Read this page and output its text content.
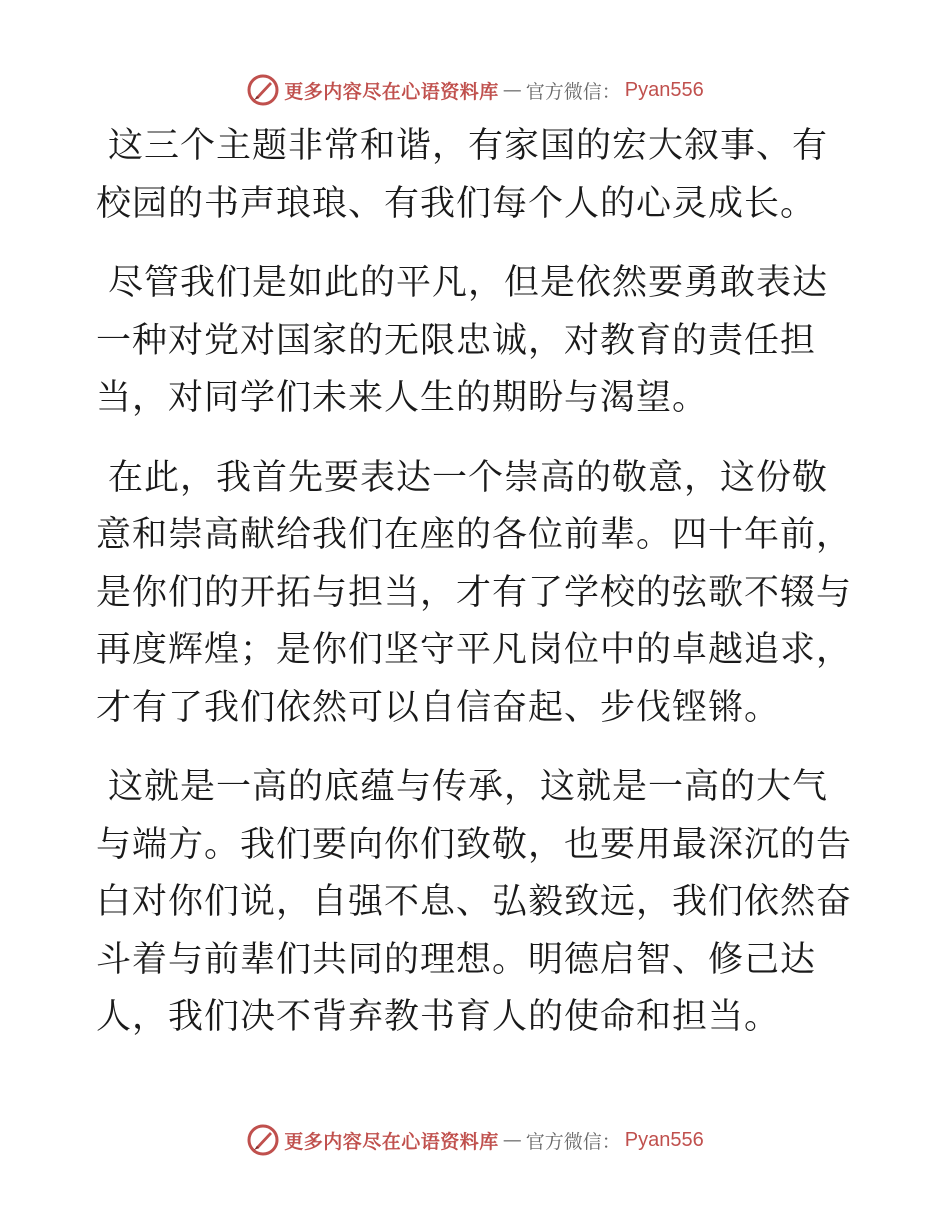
更多内容尽在心语资料库 — 官方微信： Pyan556

这三个主题非常和谐，有家国的宏大叙事、有校园的书声琅琅、有我们每个人的心灵成长。

尽管我们是如此的平凡，但是依然要勇敢表达一种对党对国家的无限忠诚，对教育的责任担当，对同学们未来人生的期盼与渴望。

在此，我首先要表达一个崇高的敬意，这份敬意和崇高献给我们在座的各位前辈。四十年前，是你们的开拓与担当，才有了学校的弦歌不辍与再度辉煌；是你们坚守平凡岗位中的卓越追求，才有了我们依然可以自信奋起、步伐铿锵。

这就是一高的底蕴与传承，这就是一高的大气与端方。我们要向你们致敬，也要用最深沉的告白对你们说，自强不息、弘毅致远，我们依然奋斗着与前辈们共同的理想。明德启智、修己达人，我们决不背弃教书育人的使命和担当。

更多内容尽在心语资料库 — 官方微信： Pyan556
